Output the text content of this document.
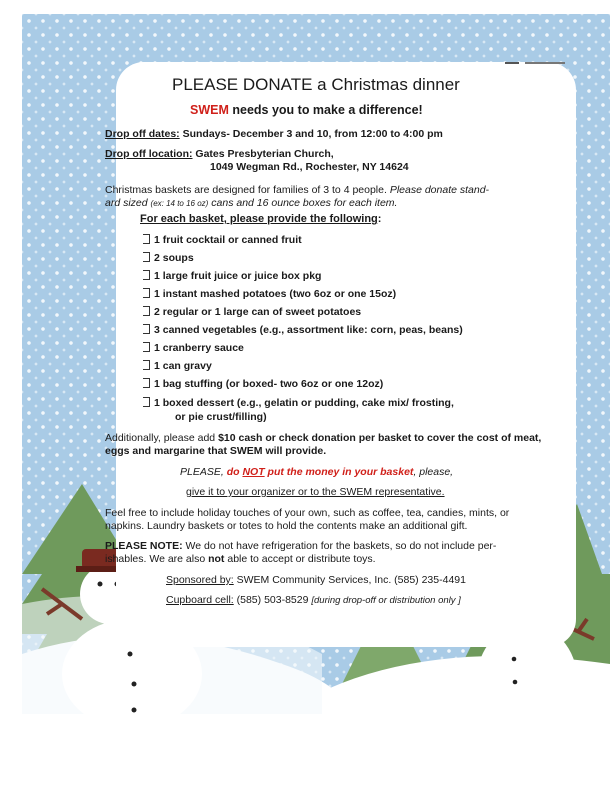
PLEASE DONATE a Christmas dinner
SWEM needs you to make a difference!
Drop off dates: Sundays- December 3 and 10, from 12:00 to 4:00 pm
Drop off location: Gates Presbyterian Church,
1049 Wegman Rd., Rochester, NY 14624
Christmas baskets are designed for families of 3 to 4 people. Please donate stand-
ard sized (ex: 14 to 16 oz) cans and 16 ounce boxes for each item.
For each basket, please provide the following:
1 fruit cocktail or canned fruit
2 soups
1 large fruit juice or juice box pkg
1 instant mashed potatoes (two 6oz or one 15oz)
2 regular or 1 large can of sweet potatoes
3 canned vegetables (e.g., assortment like: corn, peas, beans)
1 cranberry sauce
1 can gravy
1 bag stuffing (or boxed- two 6oz or one 12oz)
1 boxed dessert (e.g., gelatin or pudding, cake mix/ frosting,
or pie crust/filling)
Additionally, please add $10 cash or check donation per basket to cover the cost of meat,
eggs and margarine that SWEM will provide.
PLEASE, do NOT put the money in your basket, please,
give it to your organizer or to the SWEM representative.
Feel free to include holiday touches of your own, such as coffee, tea, candies, mints, or
napkins. Laundry baskets or totes to hold the contents make an additional gift.
PLEASE NOTE: We do not have refrigeration for the baskets, so do not include per-
ishables. We are also not able to accept or distribute toys.
Sponsored by: SWEM Community Services, Inc. (585) 235-4491
Cupboard cell: (585) 503-8529 [during drop-off or distribution only ]
